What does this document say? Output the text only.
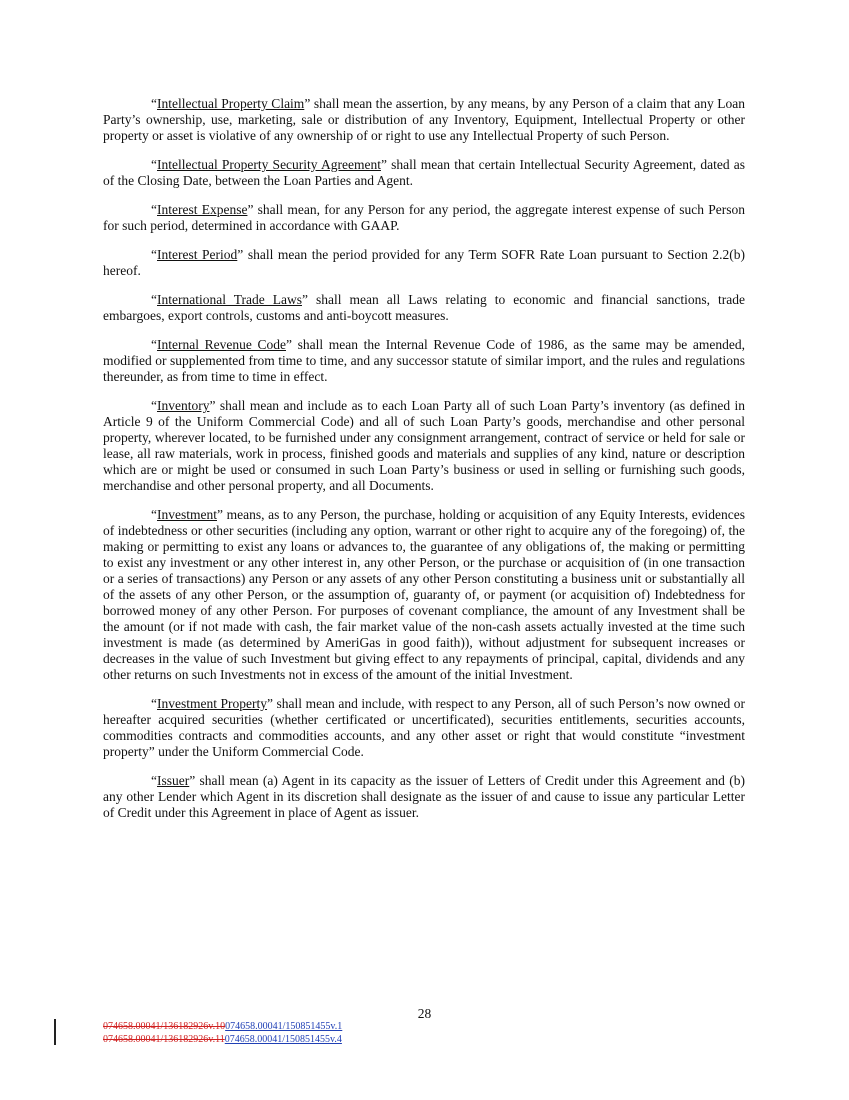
“Intellectual Property Claim” shall mean the assertion, by any means, by any Person of a claim that any Loan Party’s ownership, use, marketing, sale or distribution of any Inventory, Equipment, Intellectual Property or other property or asset is violative of any ownership of or right to use any Intellectual Property of such Person.

“Intellectual Property Security Agreement” shall mean that certain Intellectual Security Agreement, dated as of the Closing Date, between the Loan Parties and Agent.

“Interest Expense” shall mean, for any Person for any period, the aggregate interest expense of such Person for such period, determined in accordance with GAAP.

“Interest Period” shall mean the period provided for any Term SOFR Rate Loan pursuant to Section 2.2(b) hereof.

“International Trade Laws” shall mean all Laws relating to economic and financial sanctions, trade embargoes, export controls, customs and anti-boycott measures.

“Internal Revenue Code” shall mean the Internal Revenue Code of 1986, as the same may be amended, modified or supplemented from time to time, and any successor statute of similar import, and the rules and regulations thereunder, as from time to time in effect.

“Inventory” shall mean and include as to each Loan Party all of such Loan Party’s inventory (as defined in Article 9 of the Uniform Commercial Code) and all of such Loan Party’s goods, merchandise and other personal property, wherever located, to be furnished under any consignment arrangement, contract of service or held for sale or lease, all raw materials, work in process, finished goods and materials and supplies of any kind, nature or description which are or might be used or consumed in such Loan Party’s business or used in selling or furnishing such goods, merchandise and other personal property, and all Documents.

“Investment” means, as to any Person, the purchase, holding or acquisition of any Equity Interests, evidences of indebtedness or other securities (including any option, warrant or other right to acquire any of the foregoing) of, the making or permitting to exist any loans or advances to, the guarantee of any obligations of, the making or permitting to exist any investment or any other interest in, any other Person, or the purchase or acquisition of (in one transaction or a series of transactions) any Person or any assets of any other Person constituting a business unit or substantially all of the assets of any other Person, or the assumption of, guaranty of, or payment (or acquisition of) Indebtedness for borrowed money of any other Person. For purposes of covenant compliance, the amount of any Investment shall be the amount (or if not made with cash, the fair market value of the non-cash assets actually invested at the time such investment is made (as determined by AmeriGas in good faith)), without adjustment for subsequent increases or decreases in the value of such Investment but giving effect to any repayments of principal, capital, dividends and any other returns on such Investments not in excess of the amount of the initial Investment.

“Investment Property” shall mean and include, with respect to any Person, all of such Person’s now owned or hereafter acquired securities (whether certificated or uncertificated), securities entitlements, securities accounts, commodities contracts and commodities accounts, and any other asset or right that would constitute “investment property” under the Uniform Commercial Code.

“Issuer” shall mean (a) Agent in its capacity as the issuer of Letters of Credit under this Agreement and (b) any other Lender which Agent in its discretion shall designate as the issuer of and cause to issue any particular Letter of Credit under this Agreement in place of Agent as issuer.

28
074658.00041/136182926v.10074658.00041/150851455v.1
074658.00041/136182926v.11074658.00041/150851455v.4
